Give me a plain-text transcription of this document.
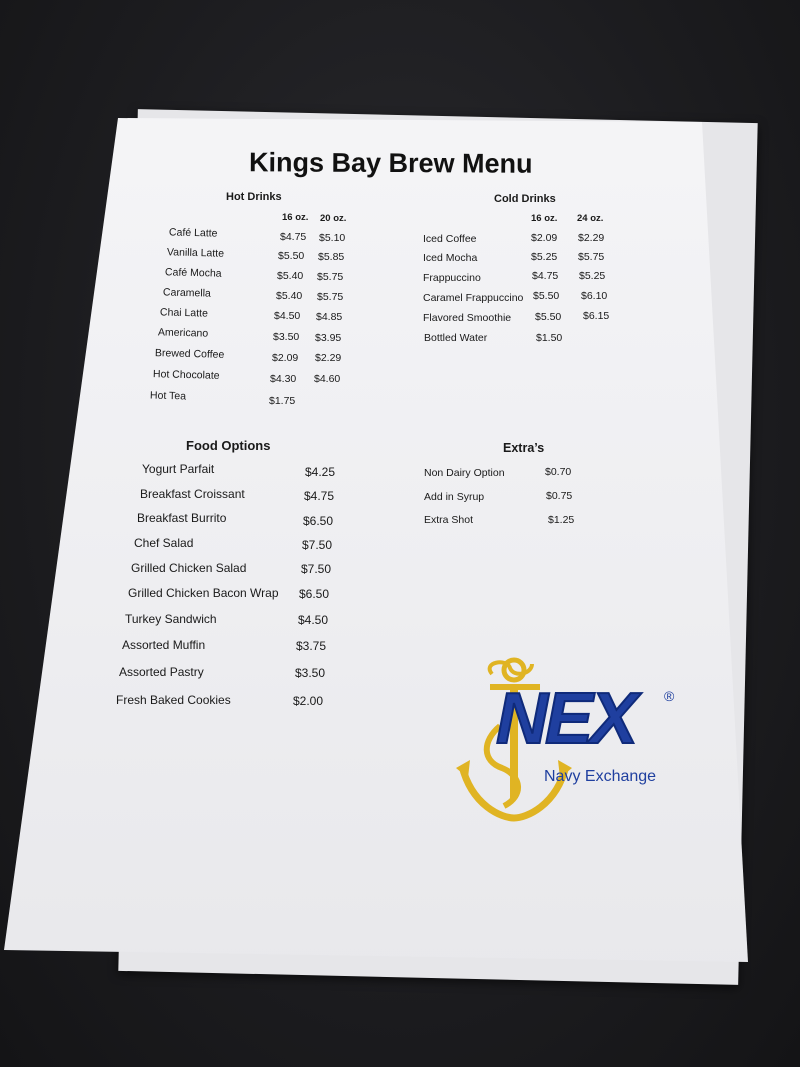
Kings Bay Brew Menu
Hot Drinks
16 oz. 20 oz.
Café Latte	$4.75 $5.10
Vanilla Latte	$5.50 $5.85
Café Mocha	$5.40 $5.75
Caramella	$5.40 $5.75
Chai Latte	$4.50 $4.85
Americano	$3.50 $3.95
Brewed Coffee	$2.09 $2.29
Hot Chocolate	$4.30 $4.60
Hot Tea	$1.75
Cold Drinks
16 oz. 24 oz.
Iced Coffee	$2.09 $2.29
Iced Mocha	$5.25 $5.75
Frappuccino	$4.75 $5.25
Caramel Frappuccino $5.50 $6.10
Flavored Smoothie $5.50 $6.15
Bottled Water	$1.50
Food Options
Yogurt Parfait	$4.25
Breakfast Croissant	$4.75
Breakfast Burrito	$6.50
Chef Salad	$7.50
Grilled Chicken Salad	$7.50
Grilled Chicken Bacon Wrap $6.50
Turkey Sandwich	$4.50
Assorted Muffin	$3.75
Assorted Pastry	$3.50
Fresh Baked Cookies	$2.00
Extra’s
Non Dairy Option	$0.70
Add in Syrup	$0.75
Extra Shot	$1.25
NEX ®
Navy Exchange
